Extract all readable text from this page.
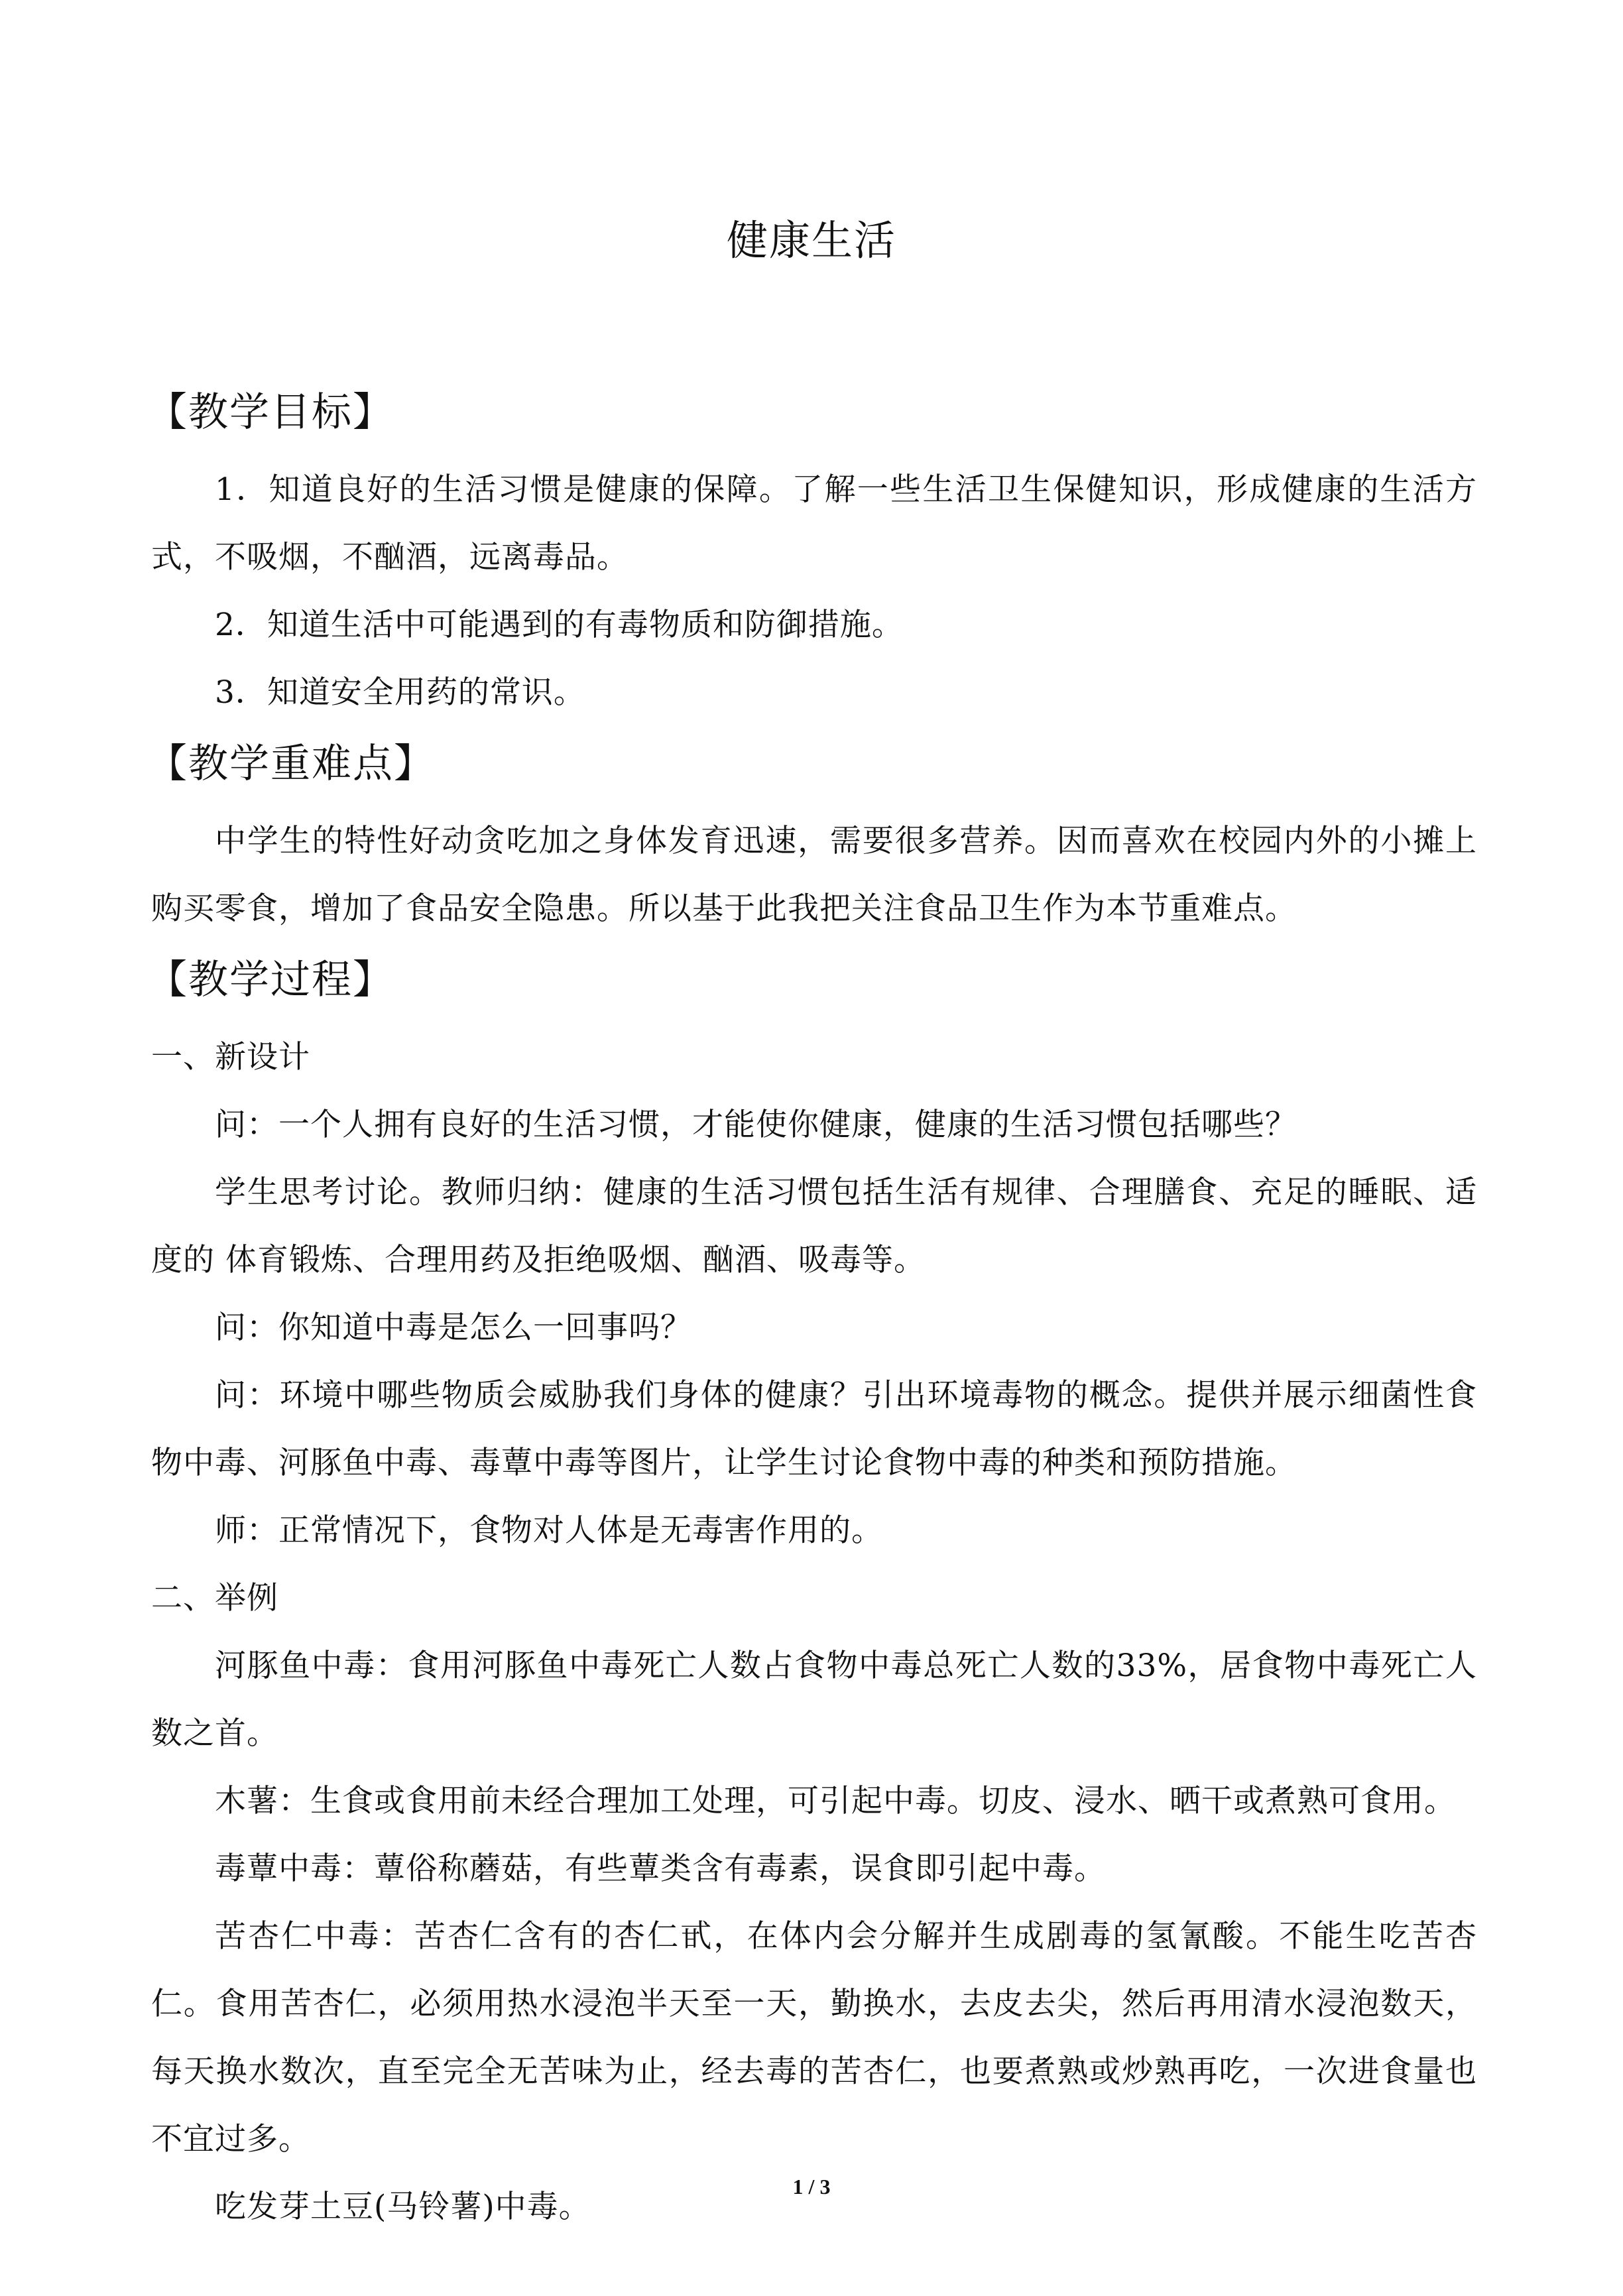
健康生活

【教学目标】

1．知道良好的生活习惯是健康的保障。了解一些生活卫生保健知识，形成健康的生活方式，不吸烟，不酗酒，远离毒品。

2．知道生活中可能遇到的有毒物质和防御措施。

3．知道安全用药的常识。

【教学重难点】

中学生的特性好动贪吃加之身体发育迅速，需要很多营养。因而喜欢在校园内外的小摊上购买零食，增加了食品安全隐患。所以基于此我把关注食品卫生作为本节重难点。

【教学过程】

一、新设计

问：一个人拥有良好的生活习惯，才能使你健康，健康的生活习惯包括哪些？

学生思考讨论。教师归纳：健康的生活习惯包括生活有规律、合理膳食、充足的睡眠、适度的 体育锻炼、合理用药及拒绝吸烟、酗酒、吸毒等。

问：你知道中毒是怎么一回事吗？

问：环境中哪些物质会威胁我们身体的健康？引出环境毒物的概念。提供并展示细菌性食物中毒、河豚鱼中毒、毒蕈中毒等图片，让学生讨论食物中毒的种类和预防措施。

师：正常情况下，食物对人体是无毒害作用的。

二、举例

河豚鱼中毒：食用河豚鱼中毒死亡人数占食物中毒总死亡人数的33%，居食物中毒死亡人数之首。

木薯：生食或食用前未经合理加工处理，可引起中毒。切皮、浸水、晒干或煮熟可食用。

毒蕈中毒：蕈俗称蘑菇，有些蕈类含有毒素，误食即引起中毒。

苦杏仁中毒：苦杏仁含有的杏仁甙，在体内会分解并生成剧毒的氢氰酸。不能生吃苦杏仁。食用苦杏仁，必须用热水浸泡半天至一天，勤换水，去皮去尖，然后再用清水浸泡数天，每天换水数次，直至完全无苦味为止，经去毒的苦杏仁，也要煮熟或炒熟再吃，一次进食量也不宜过多。

吃发芽土豆(马铃薯)中毒。

1 / 3
